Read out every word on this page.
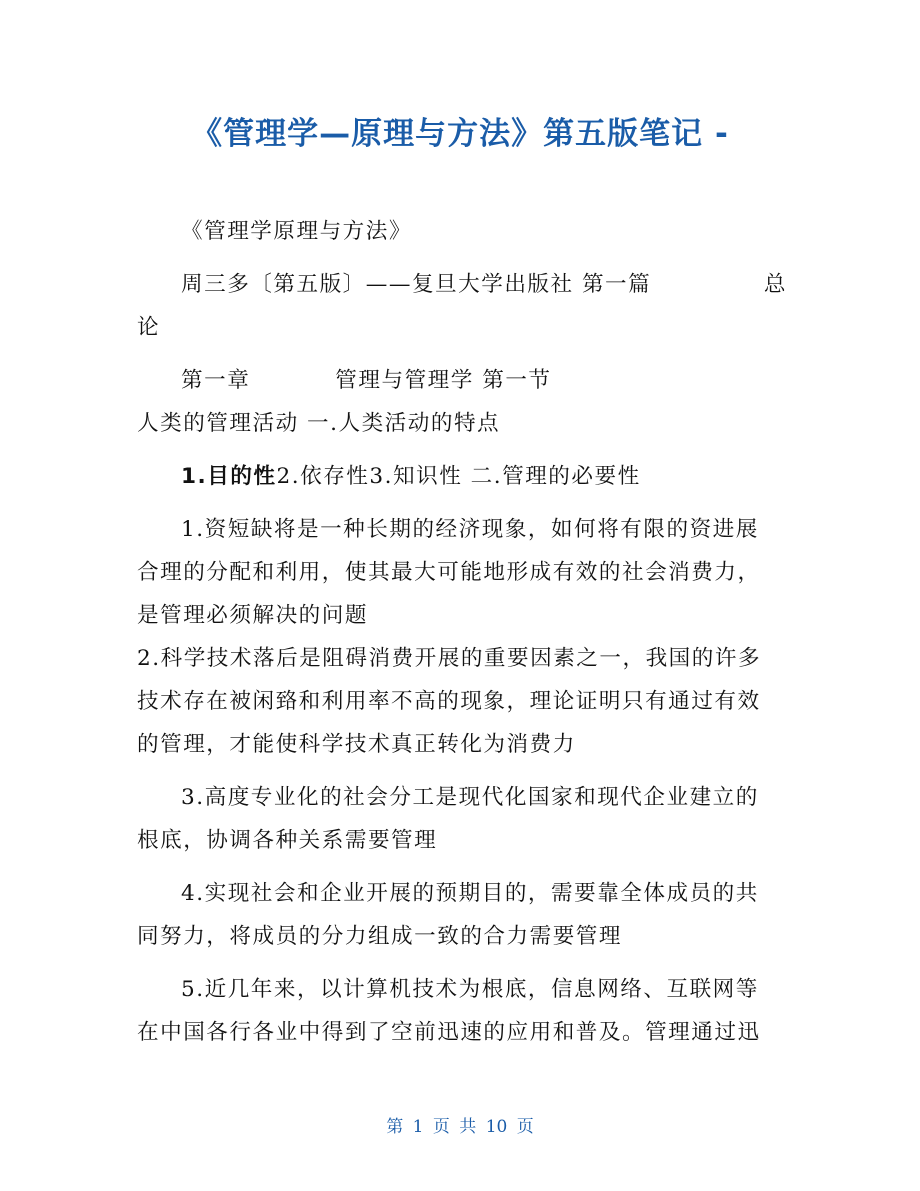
《管理学—原理与方法》第五版笔记 -

《管理学原理与方法》

周三多〔第五版〕——复旦大学出版社 第一篇	总

论

第一章	管理与管理学 第一节

人类的管理活动 一.人类活动的特点

1.目的性2.依存性3.知识性 二.管理的必要性

1.资短缺将是一种长期的经济现象，如何将有限的资进展

合理的分配和利用，使其最大可能地形成有效的社会消费力，

是管理必须解决的问题

2.科学技术落后是阻碍消费开展的重要因素之一，我国的许多

技术存在被闲臵和利用率不高的现象，理论证明只有通过有效

的管理，才能使科学技术真正转化为消费力

3.高度专业化的社会分工是现代化国家和现代企业建立的

根底，协调各种关系需要管理

4.实现社会和企业开展的预期目的，需要靠全体成员的共

同努力，将成员的分力组成一致的合力需要管理

5.近几年来，以计算机技术为根底，信息网络、互联网等

在中国各行各业中得到了空前迅速的应用和普及。管理通过迅

第 1 页 共 10 页
